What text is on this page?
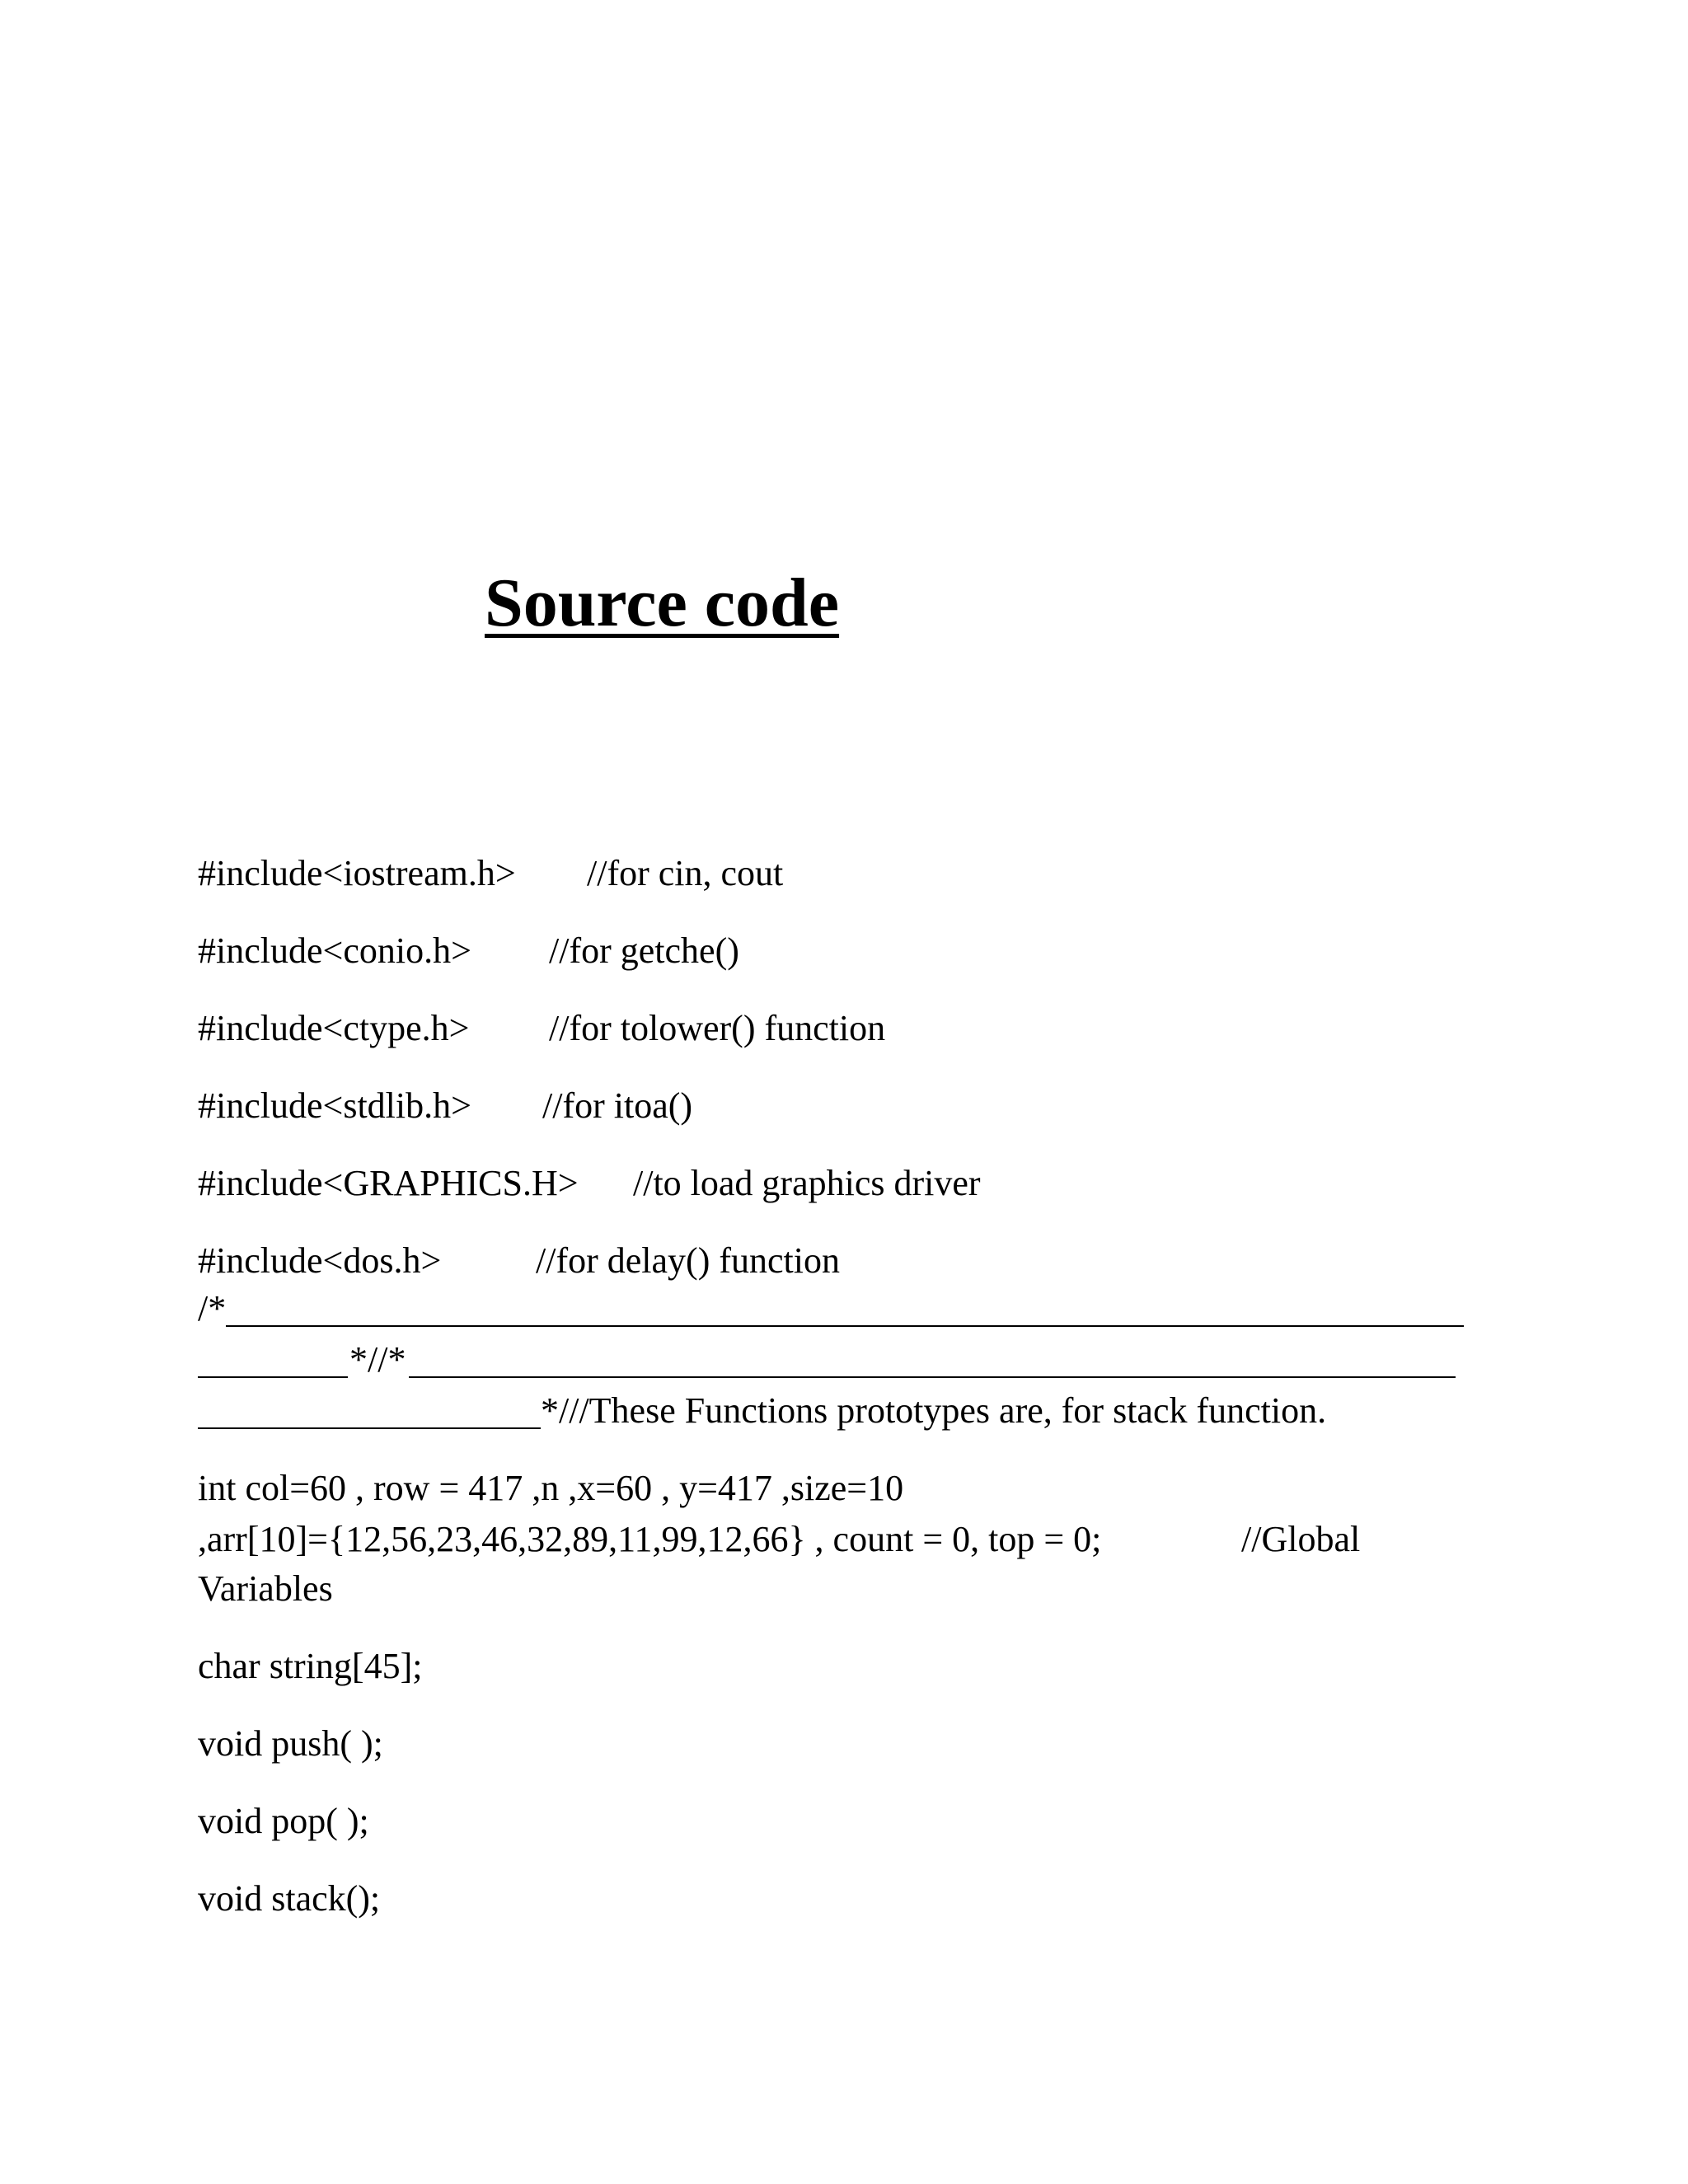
Source code
#include<iostream.h> //for cin, cout
#include<conio.h> //for getche()
#include<ctype.h> //for tolower() function
#include<stdlib.h> //for itoa()
#include<GRAPHICS.H> //to load graphics driver
#include<dos.h>	//for delay() function
/*
*//*
*///These Functions prototypes are, for stack function.
int col=60 , row = 417 ,n ,x=60 , y=417 ,size=10
,arr[10]={12,56,23,46,32,89,11,99,12,66} , count = 0, top = 0;	//Global
Variables
char string[45];
void push( );
void pop( );
void stack();
